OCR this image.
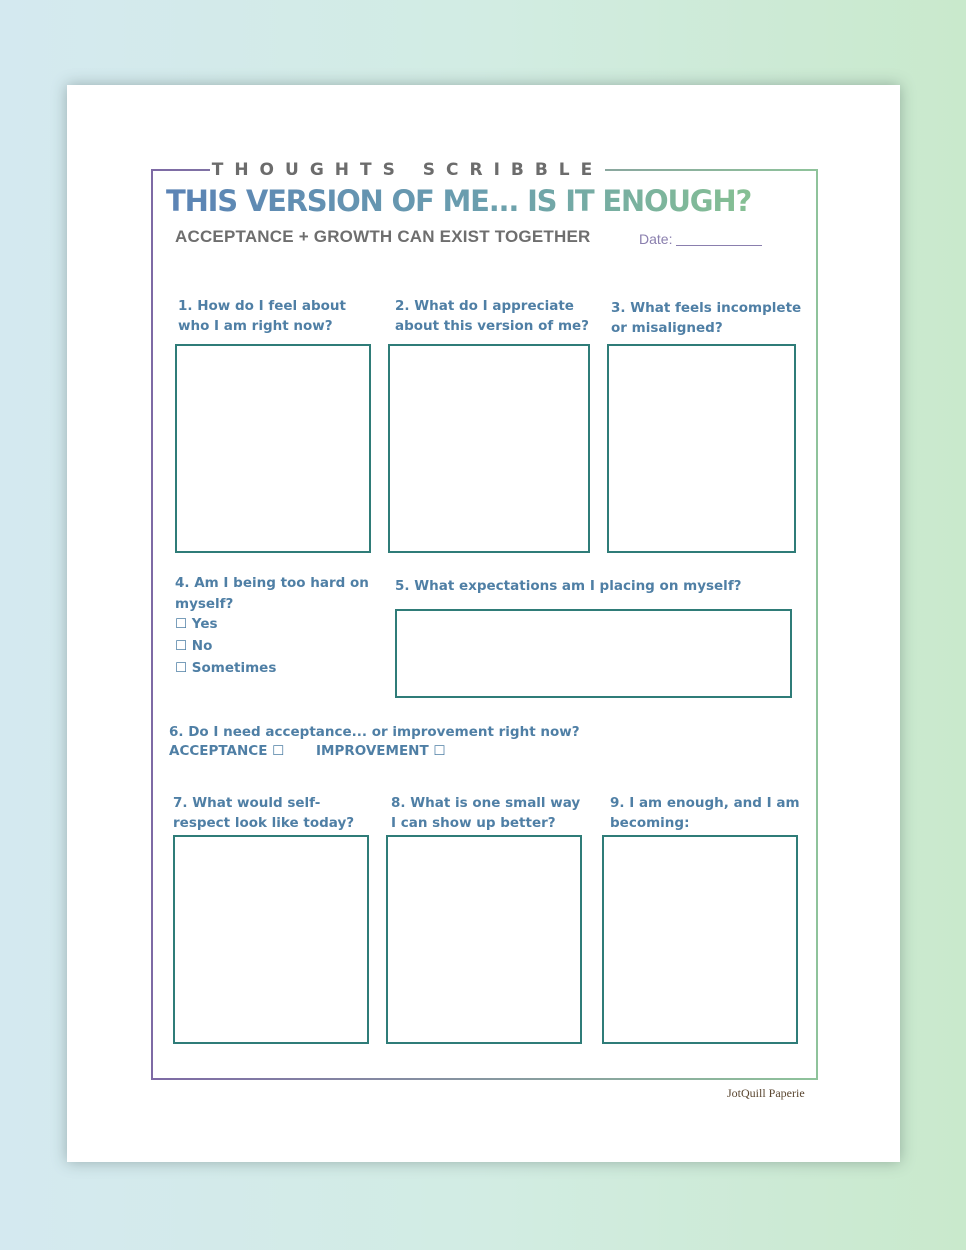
THOUGHTS SCRIBBLE
THIS VERSION OF ME... IS IT ENOUGH?
ACCEPTANCE + GROWTH CAN EXIST TOGETHER	Date:
1. How do I feel about
who I am right now?
2. What do I appreciate
about this version of me?
3. What feels incomplete
or misaligned?
4. Am I being too hard on
myself?
☐ Yes
☐ No
☐ Sometimes
5. What expectations am I placing on myself?
6. Do I need acceptance... or improvement right now?
ACCEPTANCE ☐ IMPROVEMENT ☐
7. What would self-
respect look like today?
8. What is one small way
I can show up better?
9. I am enough, and I am
becoming:
JotQuill Paperie
